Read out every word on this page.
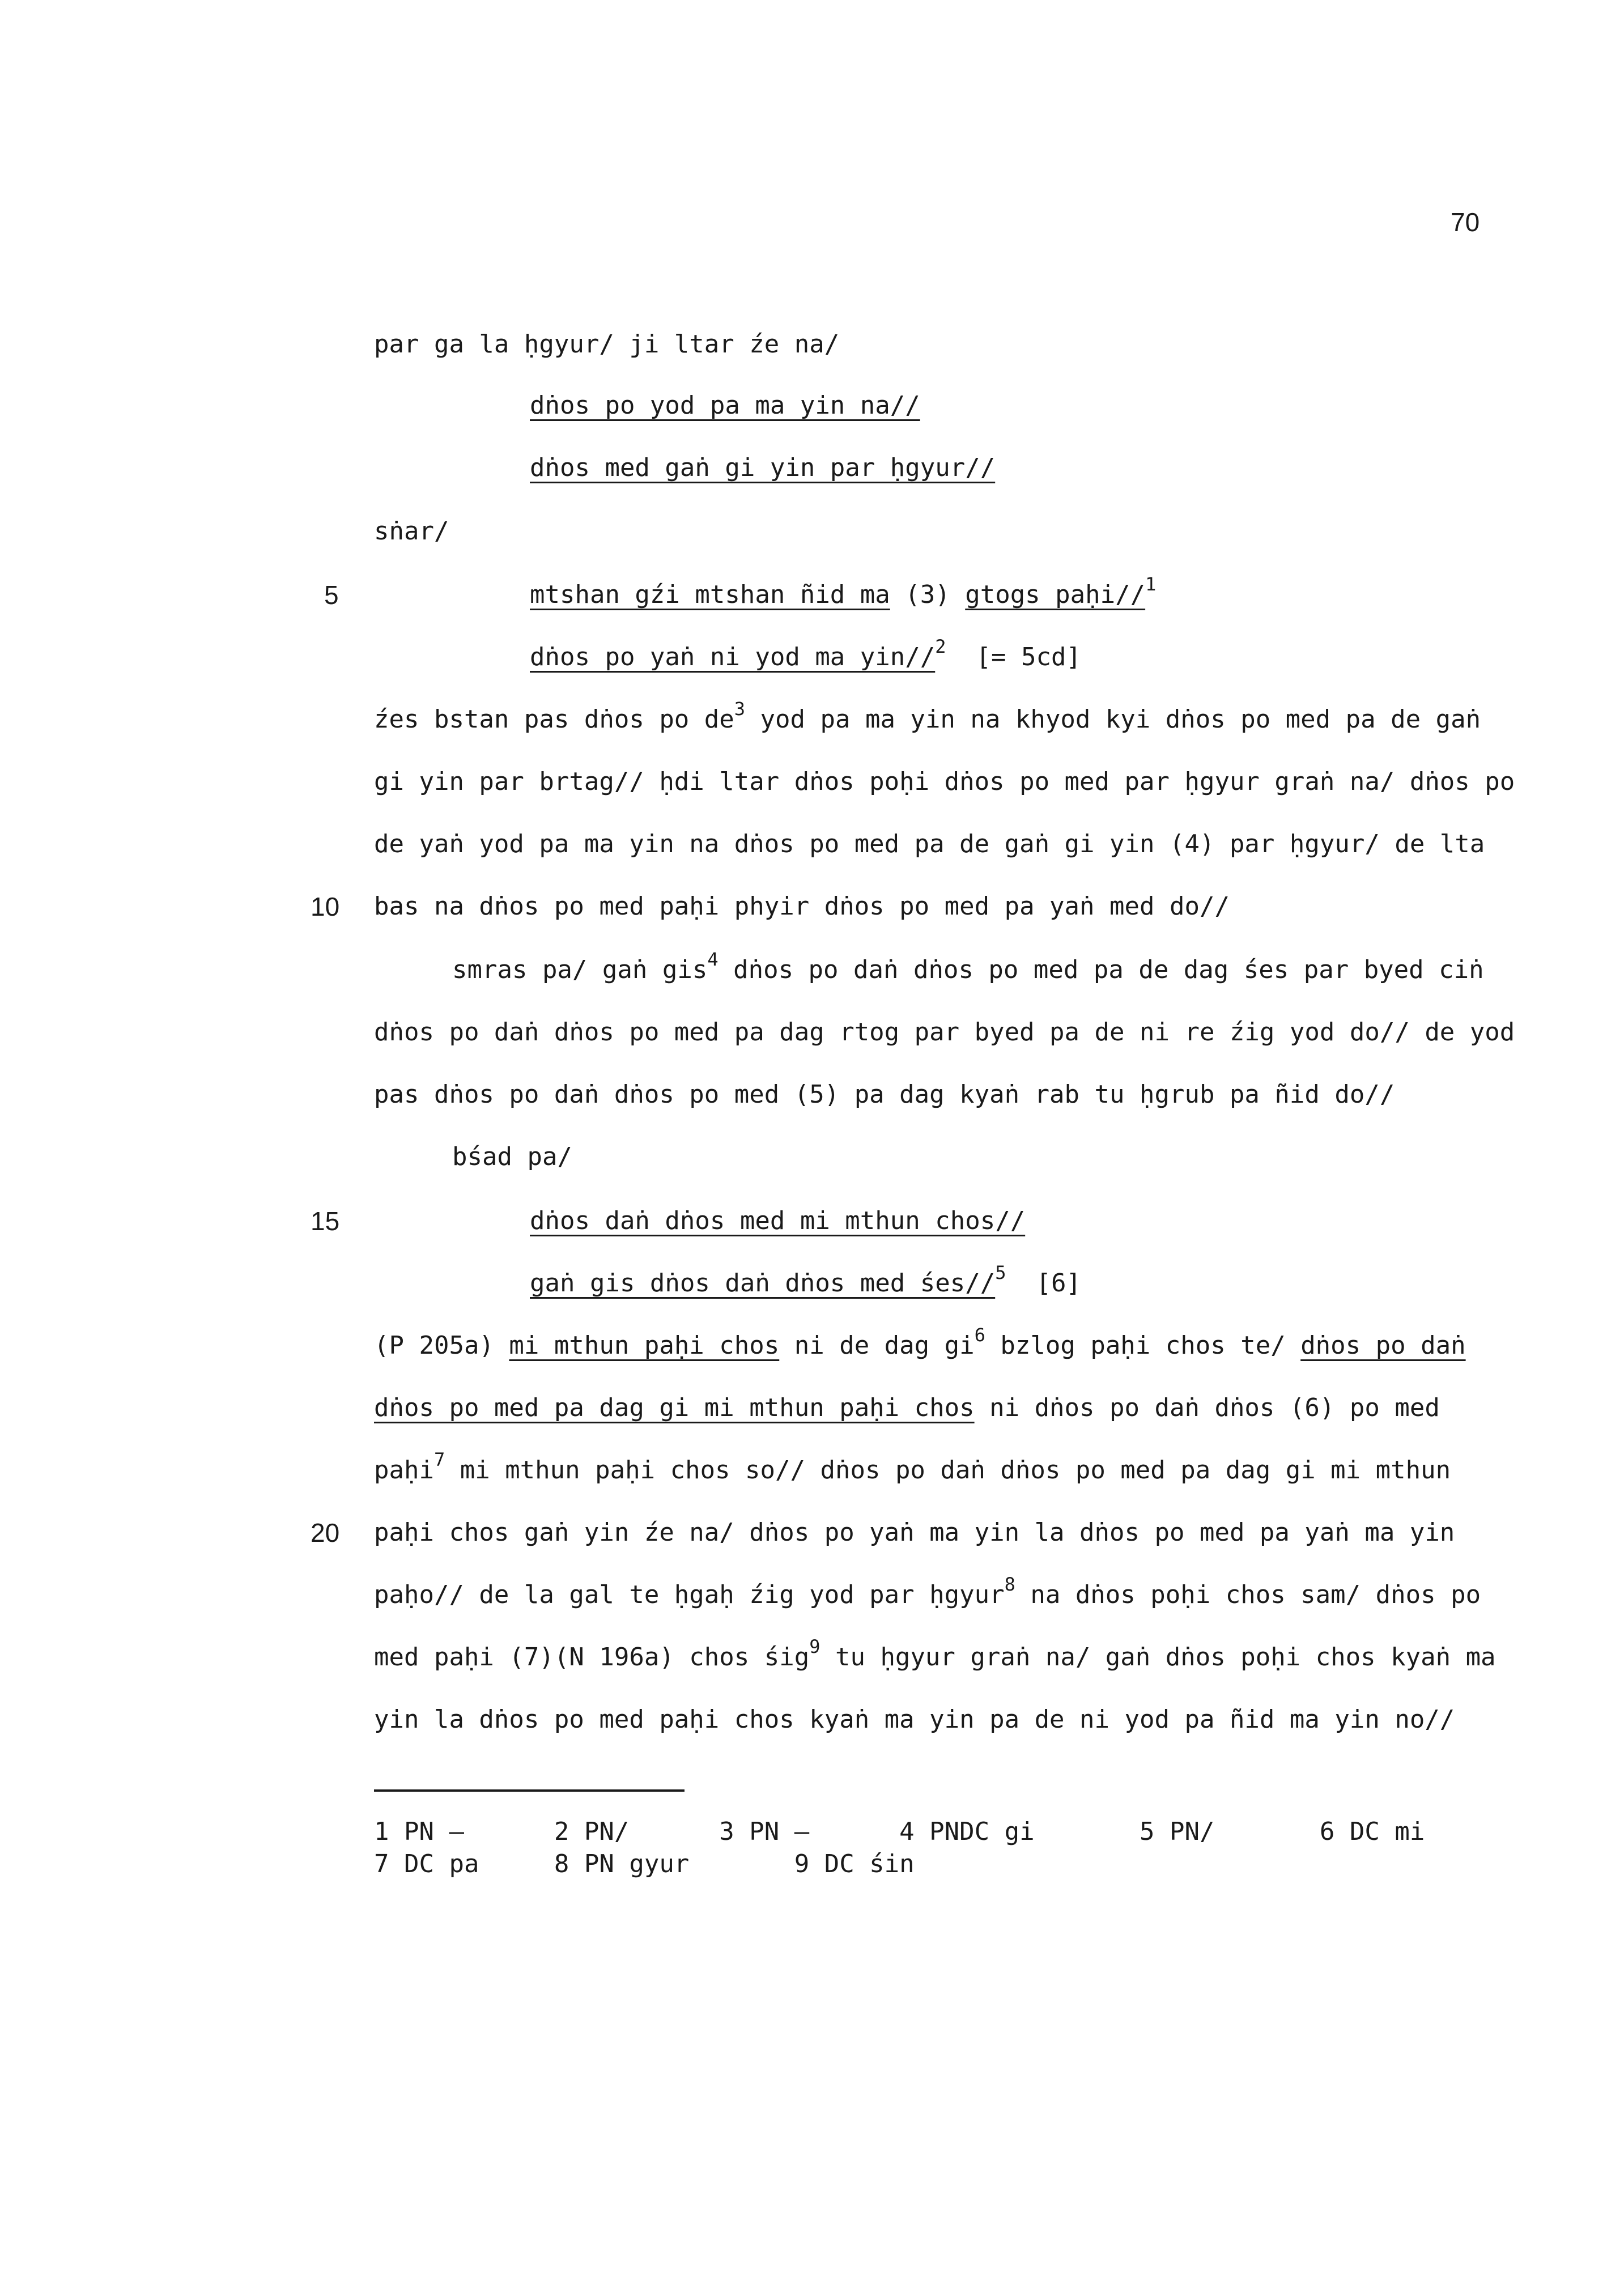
70
5
10
15
20
par ga la ḥgyur/ ji ltar źe na/
dṅos po yod pa ma yin na//
dṅos med gaṅ gi yin par ḥgyur//
sṅar/
mtshan gźi mtshan ñid ma (3) gtogs paḥi//$^1$
dṅos po yaṅ ni yod ma yin//$^2$  [= 5cd]
źes bstan pas dṅos po $de^3$ yod pa ma yin na khyod kyi dṅos po med pa de gaṅ
gi yin par brtag// ḥdi ltar dṅos poḥi dṅos po med par ḥgyur graṅ na/ dṅos po
de yaṅ yod pa ma yin na dṅos po med pa de gaṅ gi yin (4) par ḥgyur/ de lta
bas na dṅos po med paḥi phyir dṅos po med pa yaṅ med do//
smras pa/ gaṅ gis$^4$ dṅos po daṅ dṅos po med pa de dag śes par byed ciṅ
dṅos po daṅ dṅos po med pa dag rtog par byed pa de ni re źig yod do// de yod
pas dṅos po daṅ dṅos po med (5) pa dag kyaṅ rab tu ḥgrub pa ñid do//
bśad pa/
dṅos daṅ dṅos med mi mthun chos//
gaṅ gis dṅos daṅ dṅos med śes//$^5$  [6]
(P 205a) mi mthun paḥi chos ni de dag $gi^6$ bzlog paḥi chos te/ dṅos po daṅ
dṅos po med pa dag gi mi mthun paḥi chos ni dṅos po daṅ dṅos (6) po med
paḥi$^7$ mi mthun paḥi chos so// dṅos po daṅ dṅos po med pa dag gi mi mthun
paḥi chos gaṅ yin źe na/ dṅos po yaṅ ma yin la dṅos po med pa yaṅ ma yin
paḥo// de la gal te ḥgaḥ źig yod par ḥgyur$^8$ na dṅos poḥi chos sam/ dṅos po
med paḥi (7)(N 196a) chos śig$^9$ tu ḥgyur graṅ na/ gaṅ dṅos poḥi chos kyaṅ ma
yin la dṅos po med paḥi chos kyaṅ ma yin pa de ni yod pa ñid ma yin no//
1 PN —      2 PN/      3 PN —      4 PNDC gi       5 PN/       6 DC mi
7 DC pa     8 PN gyur       9 DC śin
